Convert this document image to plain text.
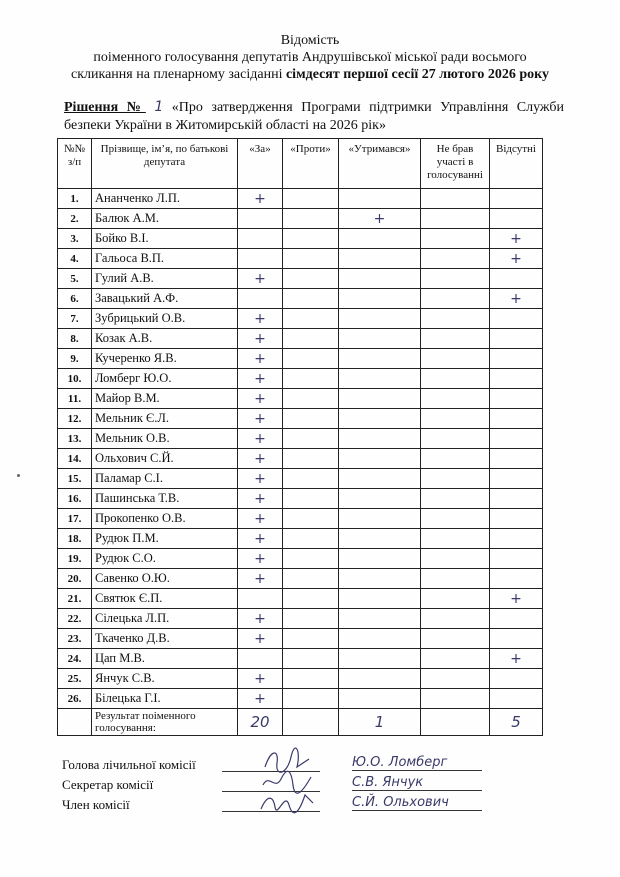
Відомість
поіменного голосування депутатів Андрушівської міської ради восьмого
скликання на пленарному засіданні сімдесят першої сесії 27 лютого 2026 року
Рішення № 1 «Про затвердження Програми підтримки Управління Служби безпеки України в Житомирській області на 2026 рік»
№№ з/п	Прізвище, ім’я, по батькові депутата	«За»	«Проти»	«Утримався»	Не брав участі в голосуванні	Відсутні
1.	Ананченко Л.П.	+				
2.	Балюк А.М.			+		
3.	Бойко В.І.					+
4.	Гальоса В.П.					+
5.	Гулий А.В.	+				
6.	Завацький А.Ф.					+
7.	Зубрицький О.В.	+				
8.	Козак А.В.	+				
9.	Кучеренко Я.В.	+				
10.	Ломберг Ю.О.	+				
11.	Майор В.М.	+				
12.	Мельник Є.Л.	+				
13.	Мельник О.В.	+				
14.	Ольхович С.Й.	+				
15.	Паламар С.І.	+				
16.	Пашинська Т.В.	+				
17.	Прокопенко О.В.	+				
18.	Рудюк П.М.	+				
19.	Рудюк С.О.	+				
20.	Савенко О.Ю.	+				
21.	Святюк Є.П.					+
22.	Сілецька Л.П.	+				
23.	Ткаченко Д.В.	+				
24.	Цап М.В.					+
25.	Янчук С.В.	+				
26.	Білецька Г.І.	+				
	Результат поіменного голосування:	20		1		5
Голова лічильної комісії	Ю.О. Ломберг
Секретар комісії	С.В. Янчук
Член комісії	С.Й. Ольхович
